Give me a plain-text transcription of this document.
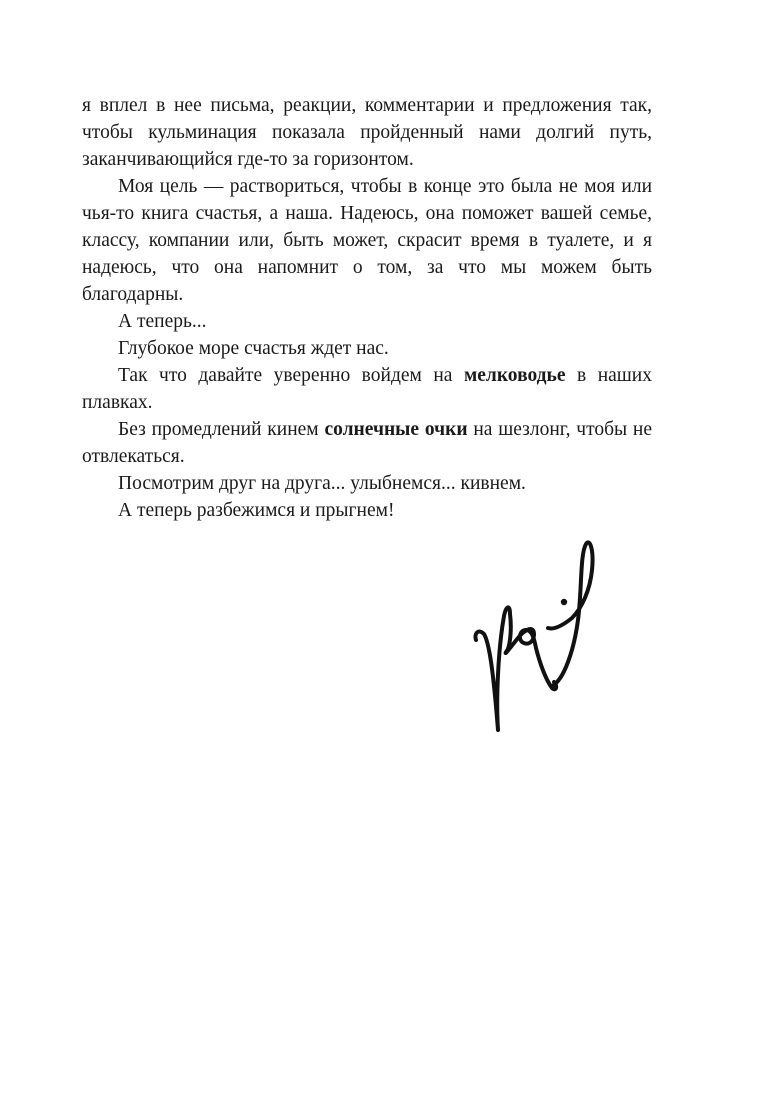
я вплел в нее письма, реакции, комментарии и предложения так, чтобы кульминация показала пройденный нами долгий путь, заканчивающийся где-то за горизонтом.

Моя цель — раствориться, чтобы в конце это была не моя или чья-то книга счастья, а наша. Надеюсь, она поможет вашей семье, классу, компании или, быть может, скрасит время в туалете, и я надеюсь, что она напомнит о том, за что мы можем быть благодарны.

А теперь...

Глубокое море счастья ждет нас.

Так что давайте уверенно войдем на мелководье в наших плавках.

Без промедлений кинем солнечные очки на шезлонг, чтобы не отвлекаться.

Посмотрим друг на друга... улыбнемся... кивнем.

А теперь разбежимся и прыгнем!
